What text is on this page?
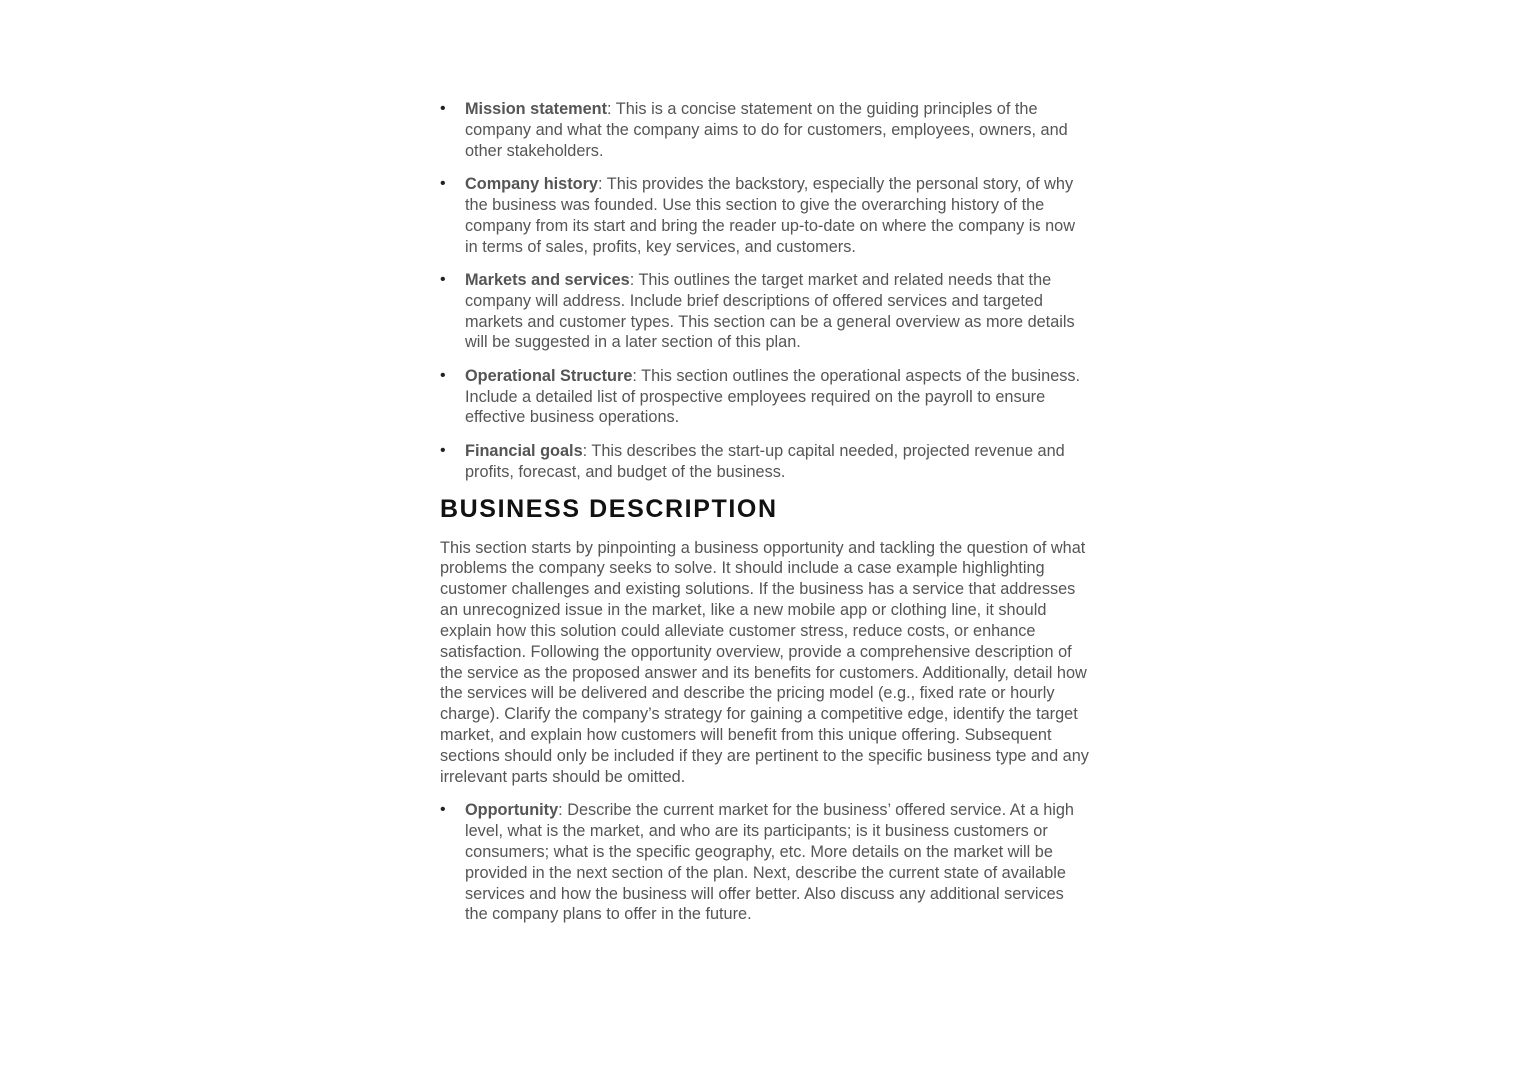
• Mission statement: This is a concise statement on the guiding principles of the company and what the company aims to do for customers, employees, owners, and other stakeholders.
• Company history: This provides the backstory, especially the personal story, of why the business was founded. Use this section to give the overarching history of the company from its start and bring the reader up-to-date on where the company is now in terms of sales, profits, key services, and customers.
• Markets and services: This outlines the target market and related needs that the company will address. Include brief descriptions of offered services and targeted markets and customer types. This section can be a general overview as more details will be suggested in a later section of this plan.
• Operational Structure: This section outlines the operational aspects of the business. Include a detailed list of prospective employees required on the payroll to ensure effective business operations.
• Financial goals: This describes the start-up capital needed, projected revenue and profits, forecast, and budget of the business.
BUSINESS DESCRIPTION

This section starts by pinpointing a business opportunity and tackling the question of what problems the company seeks to solve. It should include a case example highlighting customer challenges and existing solutions. If the business has a service that addresses an unrecognized issue in the market, like a new mobile app or clothing line, it should explain how this solution could alleviate customer stress, reduce costs, or enhance satisfaction. Following the opportunity overview, provide a comprehensive description of the service as the proposed answer and its benefits for customers. Additionally, detail how the services will be delivered and describe the pricing model (e.g., fixed rate or hourly charge). Clarify the company’s strategy for gaining a competitive edge, identify the target market, and explain how customers will benefit from this unique offering. Subsequent sections should only be included if they are pertinent to the specific business type and any irrelevant parts should be omitted.

• Opportunity: Describe the current market for the business’ offered service. At a high level, what is the market, and who are its participants; is it business customers or consumers; what is the specific geography, etc. More details on the market will be provided in the next section of the plan. Next, describe the current state of available services and how the business will offer better. Also discuss any additional services the company plans to offer in the future.
